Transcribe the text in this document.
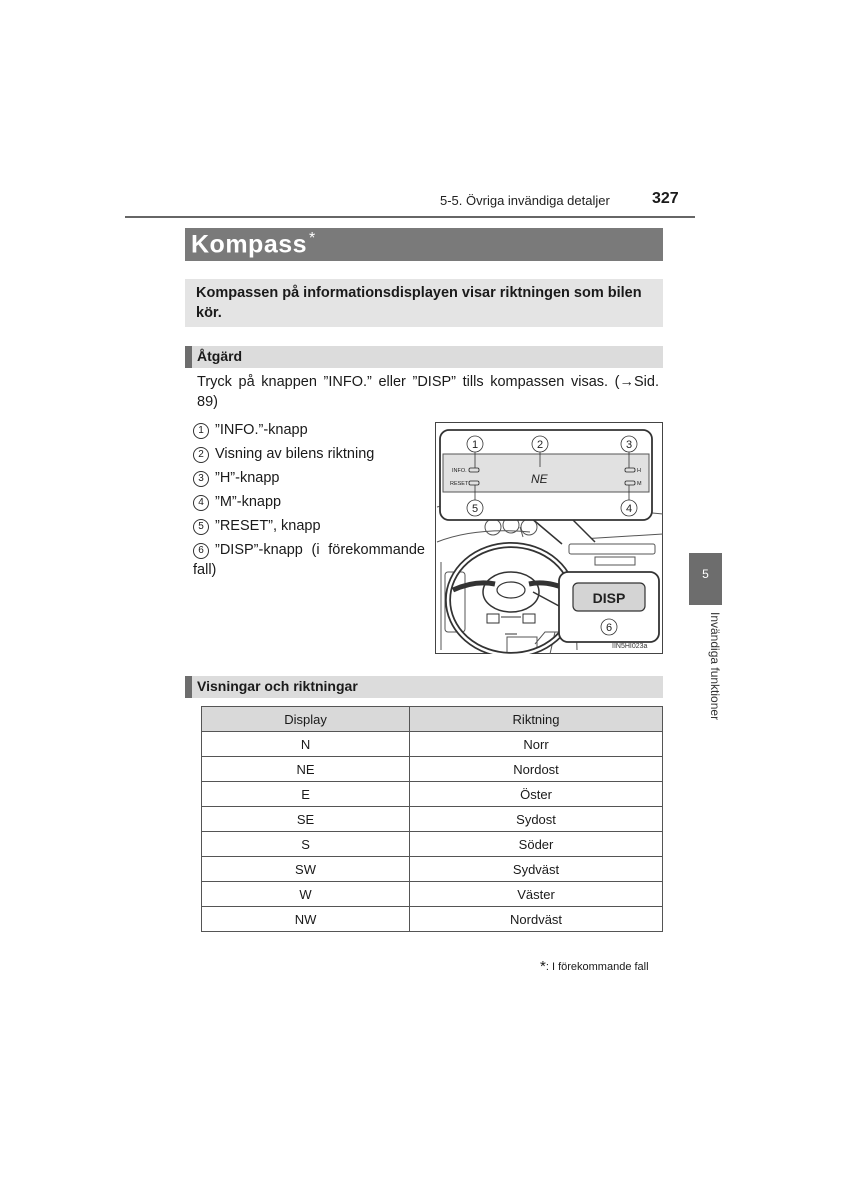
5-5. Övriga invändiga detaljer	327
Kompass *
Kompassen på informationsdisplayen visar riktningen som bilen kör.
Åtgärd
Tryck på knappen ”INFO.” eller ”DISP” tills kompassen visas. (→Sid. 89)
1 ”INFO.”-knapp
2 Visning av bilens riktning
3 ”H”-knapp
4 ”M”-knapp
5 ”RESET”, knapp
6 ”DISP”-knapp (i förekommande fall)
INFO.
RESET
H
M
NE
1	2	3
4
5
DISP
6
IIN5HI023a
Visningar och riktningar
Display	Riktning
N	Norr
NE	Nordost
E	Öster
SE	Sydost
S	Söder
SW	Sydväst
W	Väster
NW	Nordväst
*: I förekommande fall
5
Invändiga funktioner
